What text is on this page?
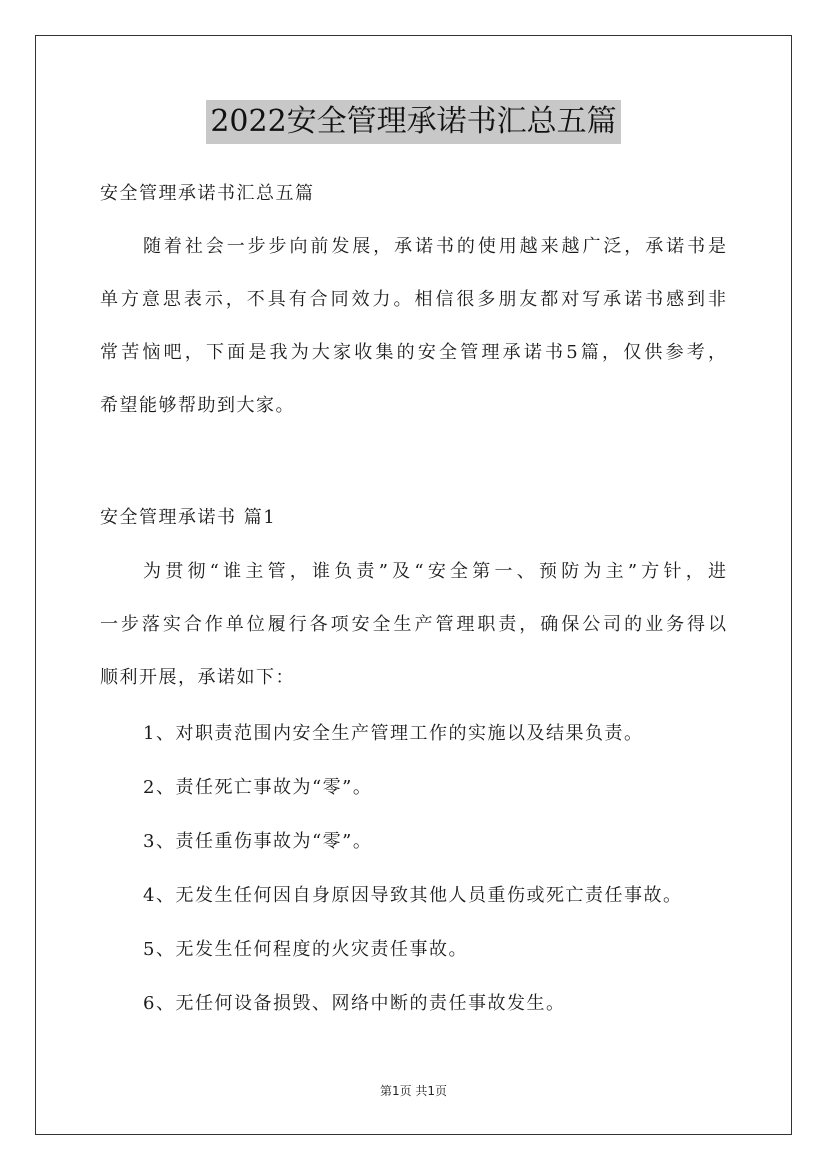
2022安全管理承诺书汇总五篇

安全管理承诺书汇总五篇

随着社会一步步向前发展，承诺书的使用越来越广泛，承诺书是

单方意思表示，不具有合同效力。相信很多朋友都对写承诺书感到非

常苦恼吧，下面是我为大家收集的安全管理承诺书5篇，仅供参考，

希望能够帮助到大家。

安全管理承诺书 篇1

为贯彻“谁主管，谁负责”及“安全第一、预防为主”方针，进

一步落实合作单位履行各项安全生产管理职责，确保公司的业务得以

顺利开展，承诺如下：

1、对职责范围内安全生产管理工作的实施以及结果负责。

2、责任死亡事故为“零”。

3、责任重伤事故为“零”。

4、无发生任何因自身原因导致其他人员重伤或死亡责任事故。

5、无发生任何程度的火灾责任事故。

6、无任何设备损毁、网络中断的责任事故发生。

第1页 共1页
